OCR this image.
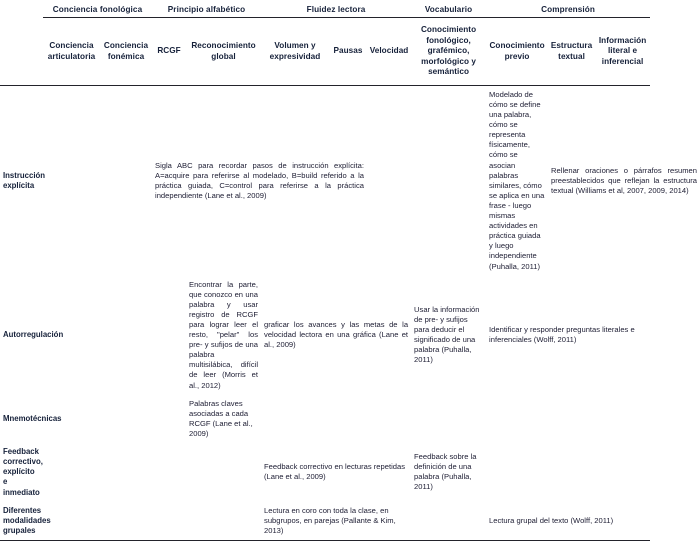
	Conciencia fonológica		Principio alfabético		Fluidez lectora			Vocabulario	Comprensión		
	Conciencia articulatoria	Conciencia fonémica	RCGF	Reconocimiento global	Volumen y expresividad	Pausas	Velocidad	Conocimiento fonológico, grafémico, morfológico y semántico	Conocimiento previo	Estructura textual	Información literal e inferencial
Instrucción explícita			Sigla ABC para recordar pasos de instrucción explícita: A=acquire para referirse al modelado, B=build referido a la práctica guiada, C=control para referirse a la práctica independiente (Lane et al., 2009)			Modelado de cómo se define una palabra, cómo se representa físicamente, cómo se asocian palabras similares, cómo se aplica en una frase - luego mismas actividades en práctica guiada y luego independiente (Puhalla, 2011)	Rellenar oraciones o párrafos resumen preestablecidos que reflejan la estructura textual (Williams et al, 2007, 2009, 2014)
Autorregulación				Encontrar la parte, que conozco en una palabra y usar registro de RCGF para lograr leer el resto, "pelar" los pre- y sufijos de una palabra multisilábica, difícil de leer (Morris et al., 2012)	graficar los avances y las metas de la velocidad lectora en una gráfica (Lane et al., 2009)			Usar la información de pre- y sufijos para deducir el significado de una palabra (Puhalla, 2011)	Identificar y responder preguntas literales e inferenciales (Wolff, 2011)		
Mnemotécnicas				Palabras claves asociadas a cada RCGF (Lane et al., 2009)							
Feedback correctivo, explícito e inmediato					Feedback correctivo en lecturas repetidas (Lane et al., 2009)			Feedback sobre la definición de una palabra (Puhalla, 2011)			
Diferentes modalidades grupales					Lectura en coro con toda la clase, en subgrupos, en parejas (Pallante & Kim, 2013)				Lectura grupal del texto (Wolff, 2011)		
